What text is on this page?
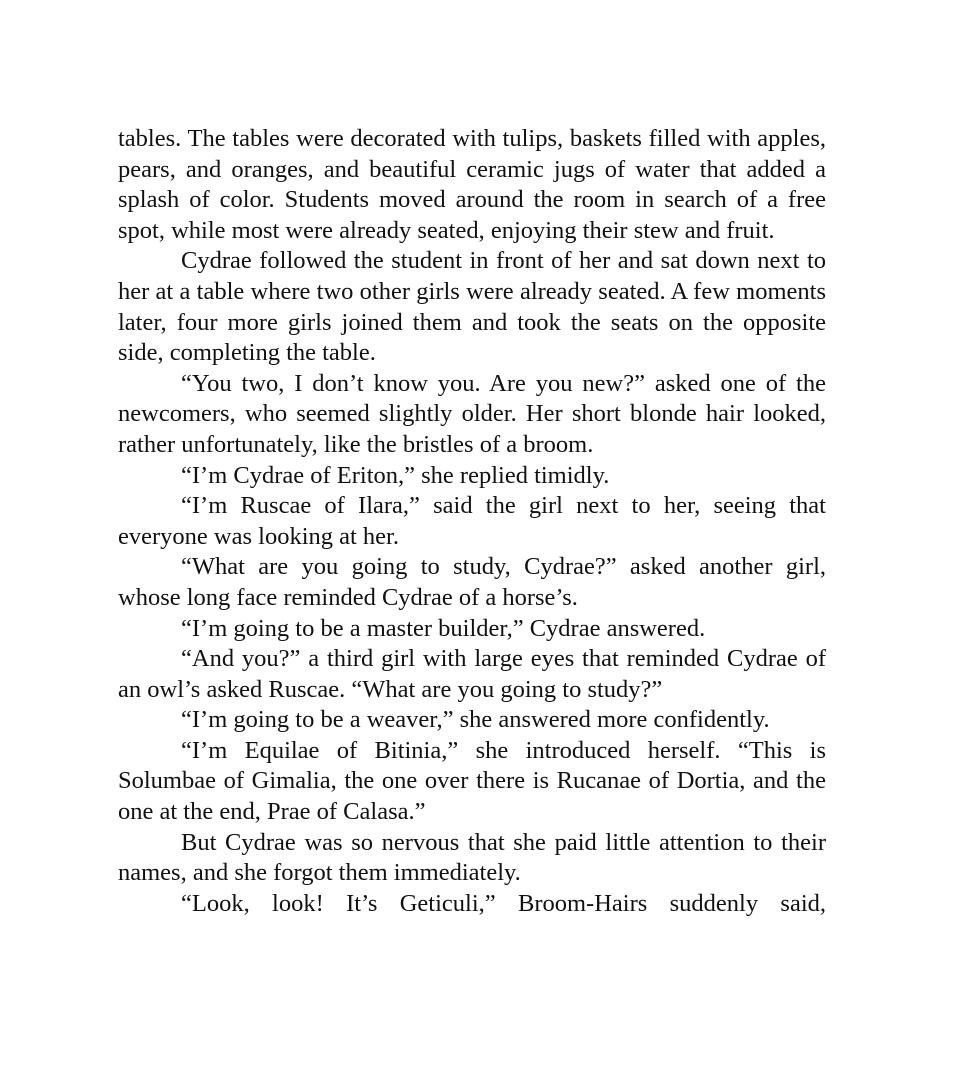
tables. The tables were decorated with tulips, baskets filled with apples, pears, and oranges, and beautiful ceramic jugs of water that added a splash of color. Students moved around the room in search of a free spot, while most were already seated, enjoying their stew and fruit.

Cydrae followed the student in front of her and sat down next to her at a table where two other girls were already seated. A few moments later, four more girls joined them and took the seats on the opposite side, completing the table.

“You two, I don’t know you. Are you new?” asked one of the newcomers, who seemed slightly older. Her short blonde hair looked, rather unfortunately, like the bristles of a broom.

“I’m Cydrae of Eriton,” she replied timidly.

“I’m Ruscae of Ilara,” said the girl next to her, seeing that everyone was looking at her.

“What are you going to study, Cydrae?” asked another girl, whose long face reminded Cydrae of a horse’s.

“I’m going to be a master builder,” Cydrae answered.

“And you?” a third girl with large eyes that reminded Cydrae of an owl’s asked Ruscae. “What are you going to study?”

“I’m going to be a weaver,” she answered more confidently.

“I’m Equilae of Bitinia,” she introduced herself. “This is Solumbae of Gimalia, the one over there is Rucanae of Dortia, and the one at the end, Prae of Calasa.”

But Cydrae was so nervous that she paid little attention to their names, and she forgot them immediately.

“Look, look! It’s Geticuli,” Broom-Hairs suddenly said,
